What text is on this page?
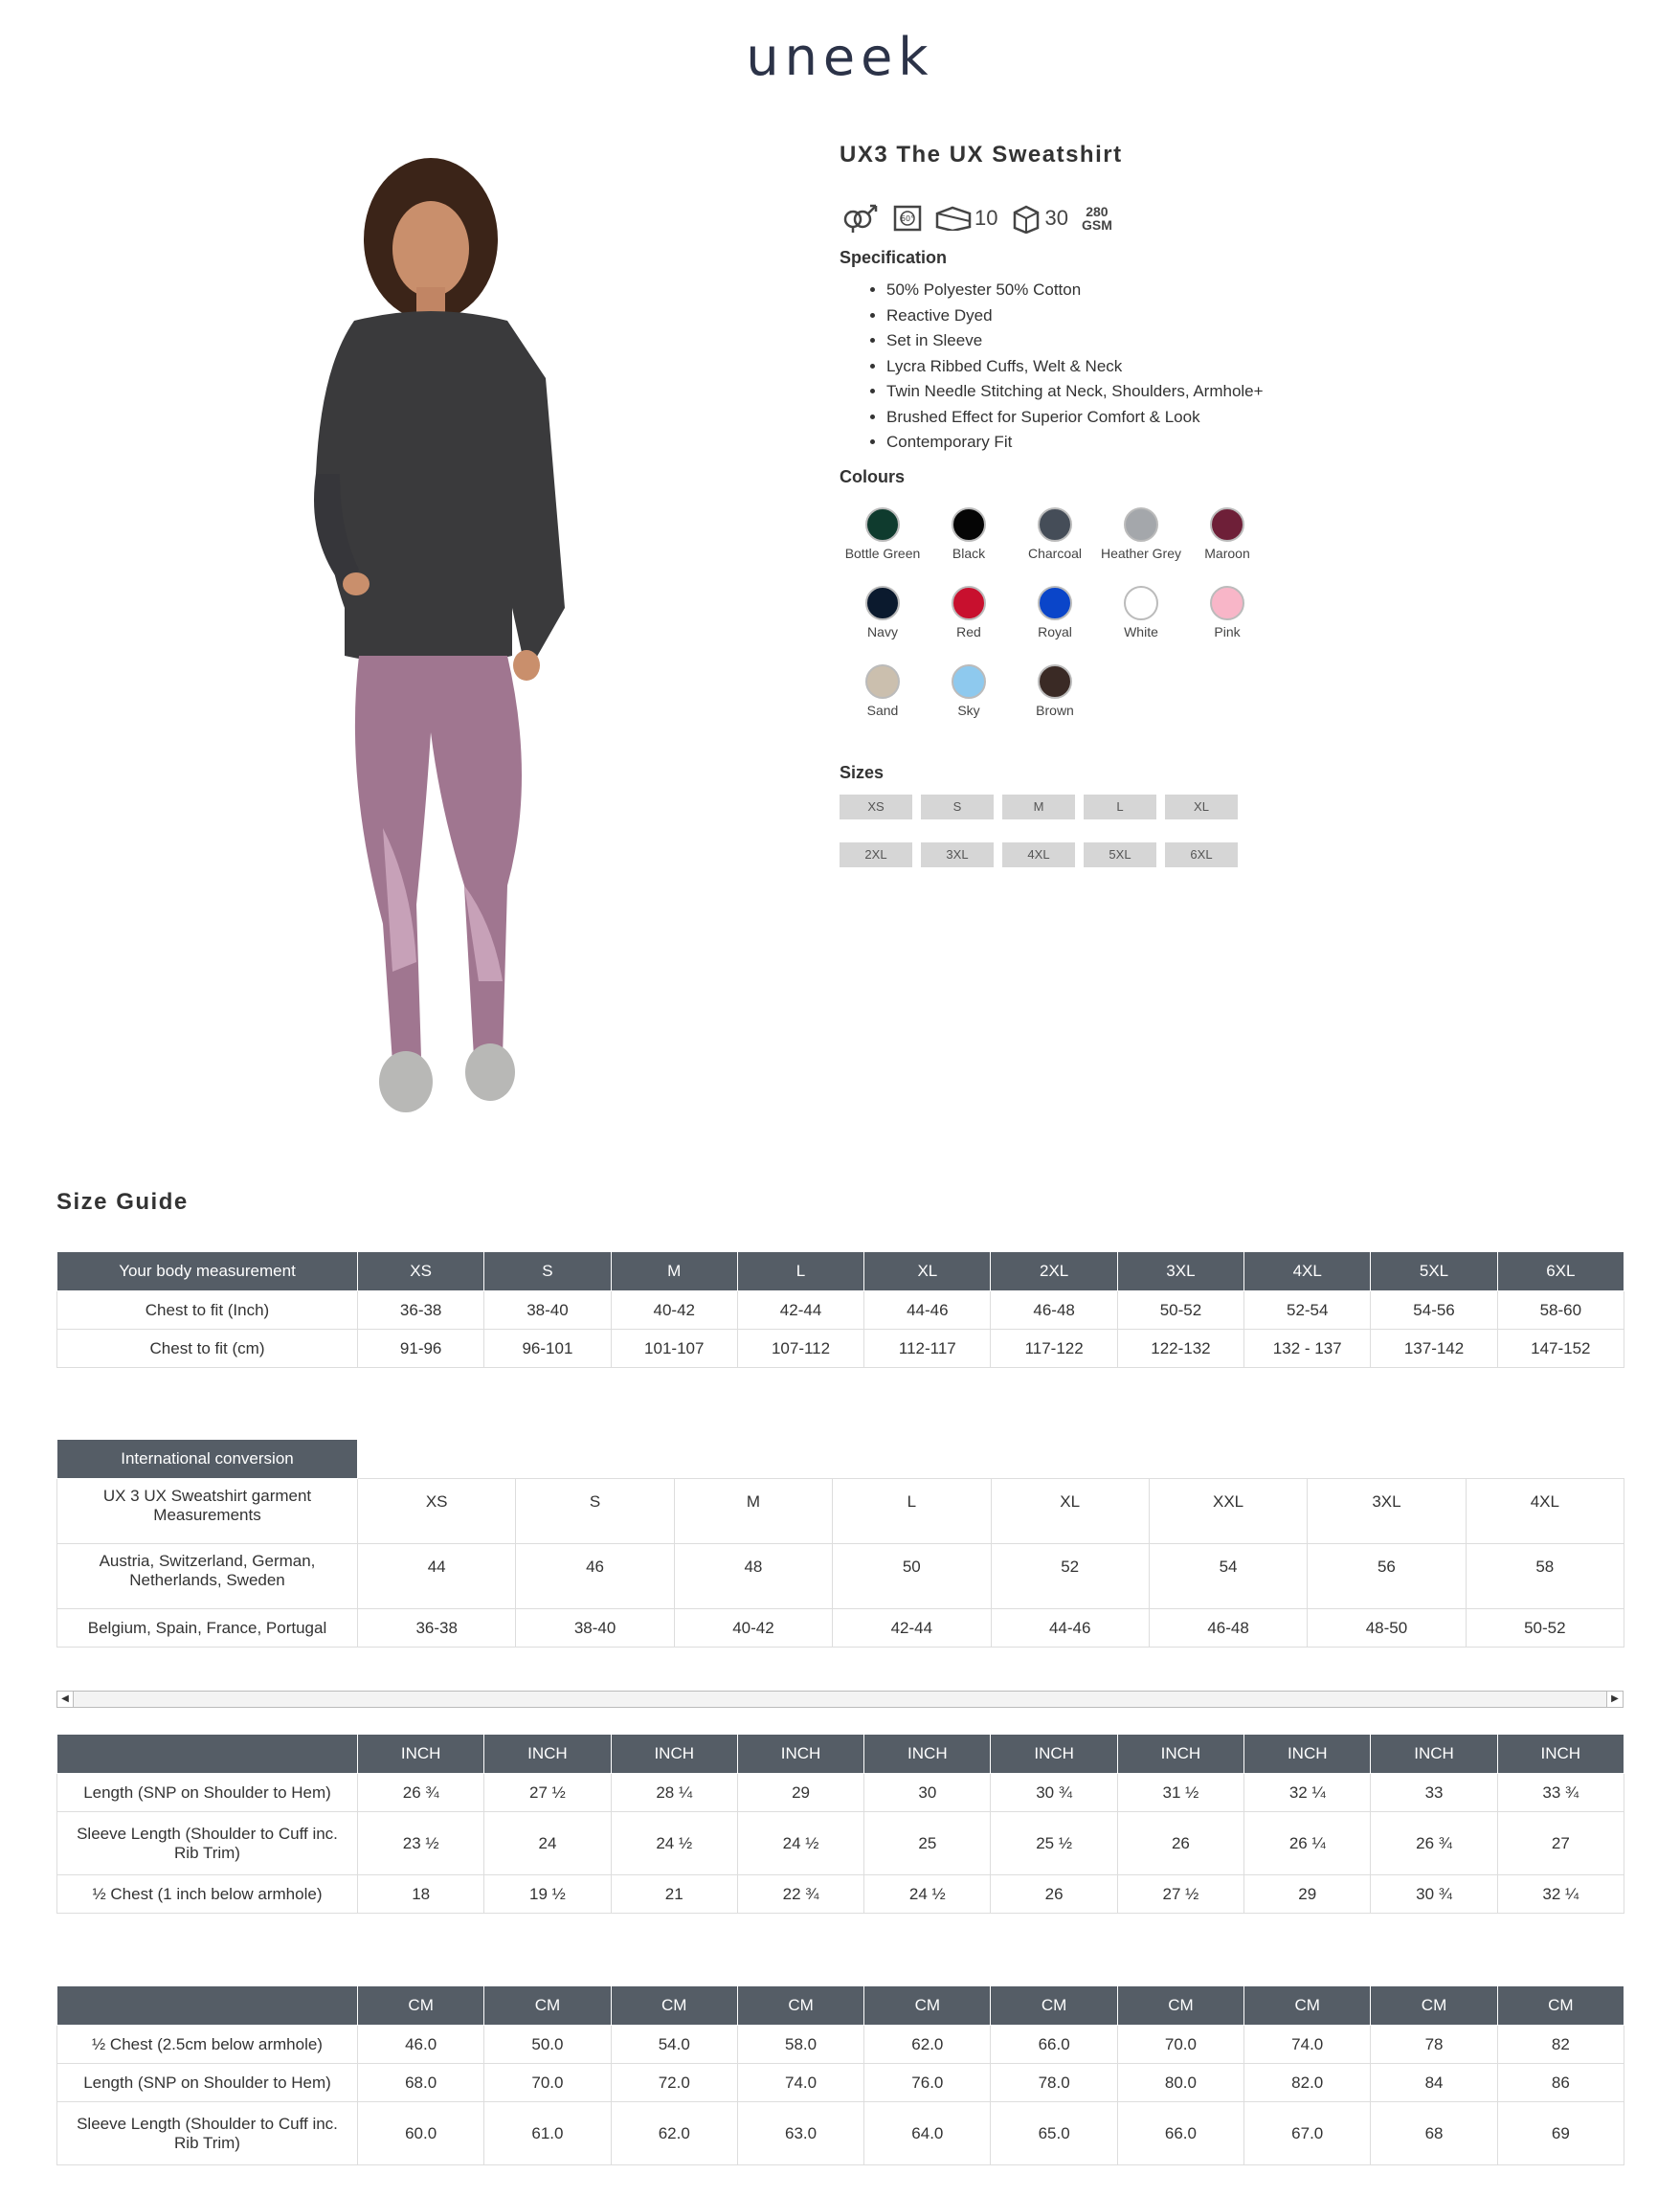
uneek
UX3 The UX Sweatshirt
60°	10 30 280
GSM
Specification
• 50% Polyester 50% Cotton
• Reactive Dyed
• Set in Sleeve
• Lycra Ribbed Cuffs, Welt & Neck
• Twin Needle Stitching at Neck, Shoulders, Armhole+
• Brushed Effect for Superior Comfort & Look
• Contemporary Fit
Colours
Bottle Green	Black	Charcoal	Heather Grey	Maroon
Navy	Red	Royal	White	Pink
Sand	Sky	Brown
Sizes
XS	S	M	L	XL
2XL	3XL	4XL	5XL	6XL
Size Guide
Your body measurement	XS	S	M	L	XL	2XL	3XL	4XL	5XL	6XL
Chest to fit (Inch)	36-38	38-40	40-42	42-44	44-46	46-48	50-52	52-54	54-56	58-60
Chest to fit (cm)	91-96	96-101	101-107	107-112	112-117	117-122	122-132	132 - 137	137-142	147-152
International conversion								
UX 3 UX Sweatshirt garment Measurements	XS	S	M	L	XL	XXL	3XL	4XL
Austria, Switzerland, German, Netherlands, Sweden	44	46	48	50	52	54	56	58
Belgium, Spain, France, Portugal	36-38	38-40	40-42	42-44	44-46	46-48	48-50	50-52
◀	▶
	INCH	INCH	INCH	INCH	INCH	INCH	INCH	INCH	INCH	INCH
Length (SNP on Shoulder to Hem)	26 ¾	27 ½	28 ¼	29	30	30 ¾	31 ½	32 ¼	33	33 ¾
Sleeve Length (Shoulder to Cuff inc. Rib Trim)	23 ½	24	24 ½	24 ½	25	25 ½	26	26 ¼	26 ¾	27
½ Chest (1 inch below armhole)	18	19 ½	21	22 ¾	24 ½	26	27 ½	29	30 ¾	32 ¼
	CM	CM	CM	CM	CM	CM	CM	CM	CM	CM
½ Chest (2.5cm below armhole)	46.0	50.0	54.0	58.0	62.0	66.0	70.0	74.0	78	82
Length (SNP on Shoulder to Hem)	68.0	70.0	72.0	74.0	76.0	78.0	80.0	82.0	84	86
Sleeve Length (Shoulder to Cuff inc. Rib Trim)	60.0	61.0	62.0	63.0	64.0	65.0	66.0	67.0	68	69
